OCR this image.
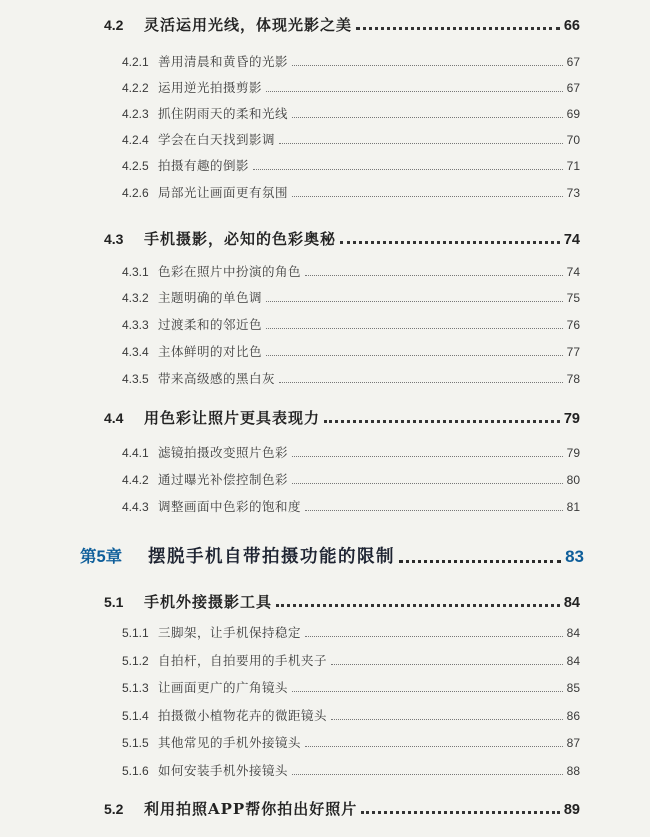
4.2	灵活运用光线，体现光影之美	66
4.2.1 善用清晨和黄昏的光影	67
4.2.2 运用逆光拍摄剪影	67
4.2.3 抓住阴雨天的柔和光线	69
4.2.4 学会在白天找到影调	70
4.2.5 拍摄有趣的倒影	71
4.2.6 局部光让画面更有氛围	73
4.3	手机摄影，必知的色彩奥秘	74
4.3.1 色彩在照片中扮演的角色	74
4.3.2 主题明确的单色调	75
4.3.3 过渡柔和的邻近色	76
4.3.4 主体鲜明的对比色	77
4.3.5 带来高级感的黑白灰	78
4.4	用色彩让照片更具表现力	79
4.4.1 滤镜拍摄改变照片色彩	79
4.4.2 通过曝光补偿控制色彩	80
4.4.3 调整画面中色彩的饱和度	81
第5章	摆脱手机自带拍摄功能的限制	83
5.1	手机外接摄影工具	84
5.1.1 三脚架，让手机保持稳定	84
5.1.2 自拍杆，自拍要用的手机夹子	84
5.1.3 让画面更广的广角镜头	85
5.1.4 拍摄微小植物花卉的微距镜头	86
5.1.5 其他常见的手机外接镜头	87
5.1.6 如何安装手机外接镜头	88
5.2	利用拍照APP帮你拍出好照片	89
